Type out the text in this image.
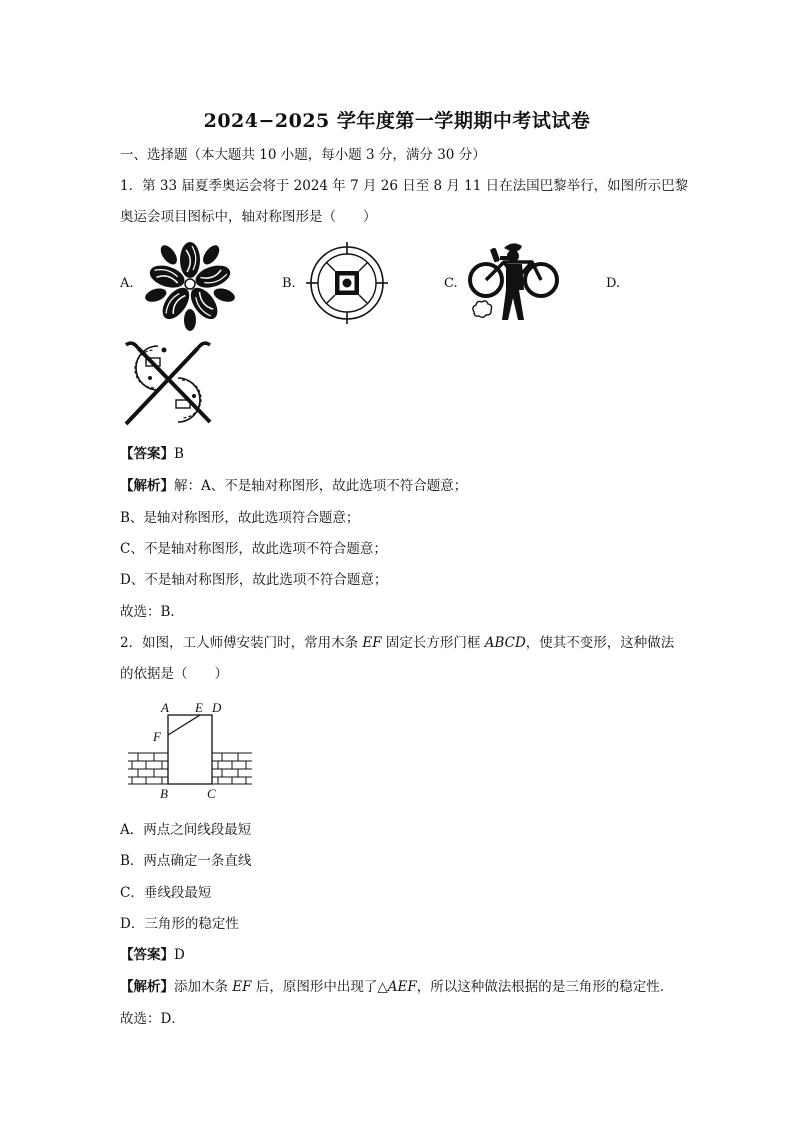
2024−2025 学年度第一学期期中考试试卷
一、选择题（本大题共 10 小题，每小题 3 分，满分 30 分）
1．第 33 届夏季奥运会将于 2024 年 7 月 26 日至 8 月 11 日在法国巴黎举行，如图所示巴黎
奥运会项目图标中，轴对称图形是（　　）
A.	B.	C.	D.
【答案】B
【解析】解：A、不是轴对称图形，故此选项不符合题意；
B、是轴对称图形，故此选项符合题意；
C、不是轴对称图形，故此选项不符合题意；
D、不是轴对称图形，故此选项不符合题意；
故选：B．
2．如图，工人师傅安装门时，常用木条 EF 固定长方形门框 ABCD，使其不变形，这种做法
的依据是（　　）
A E D
F
B	C
A．两点之间线段最短
B．两点确定一条直线
C．垂线段最短
D．三角形的稳定性
【答案】D
【解析】添加木条 EF 后，原图形中出现了△AEF，所以这种做法根据的是三角形的稳定性．
故选：D．
